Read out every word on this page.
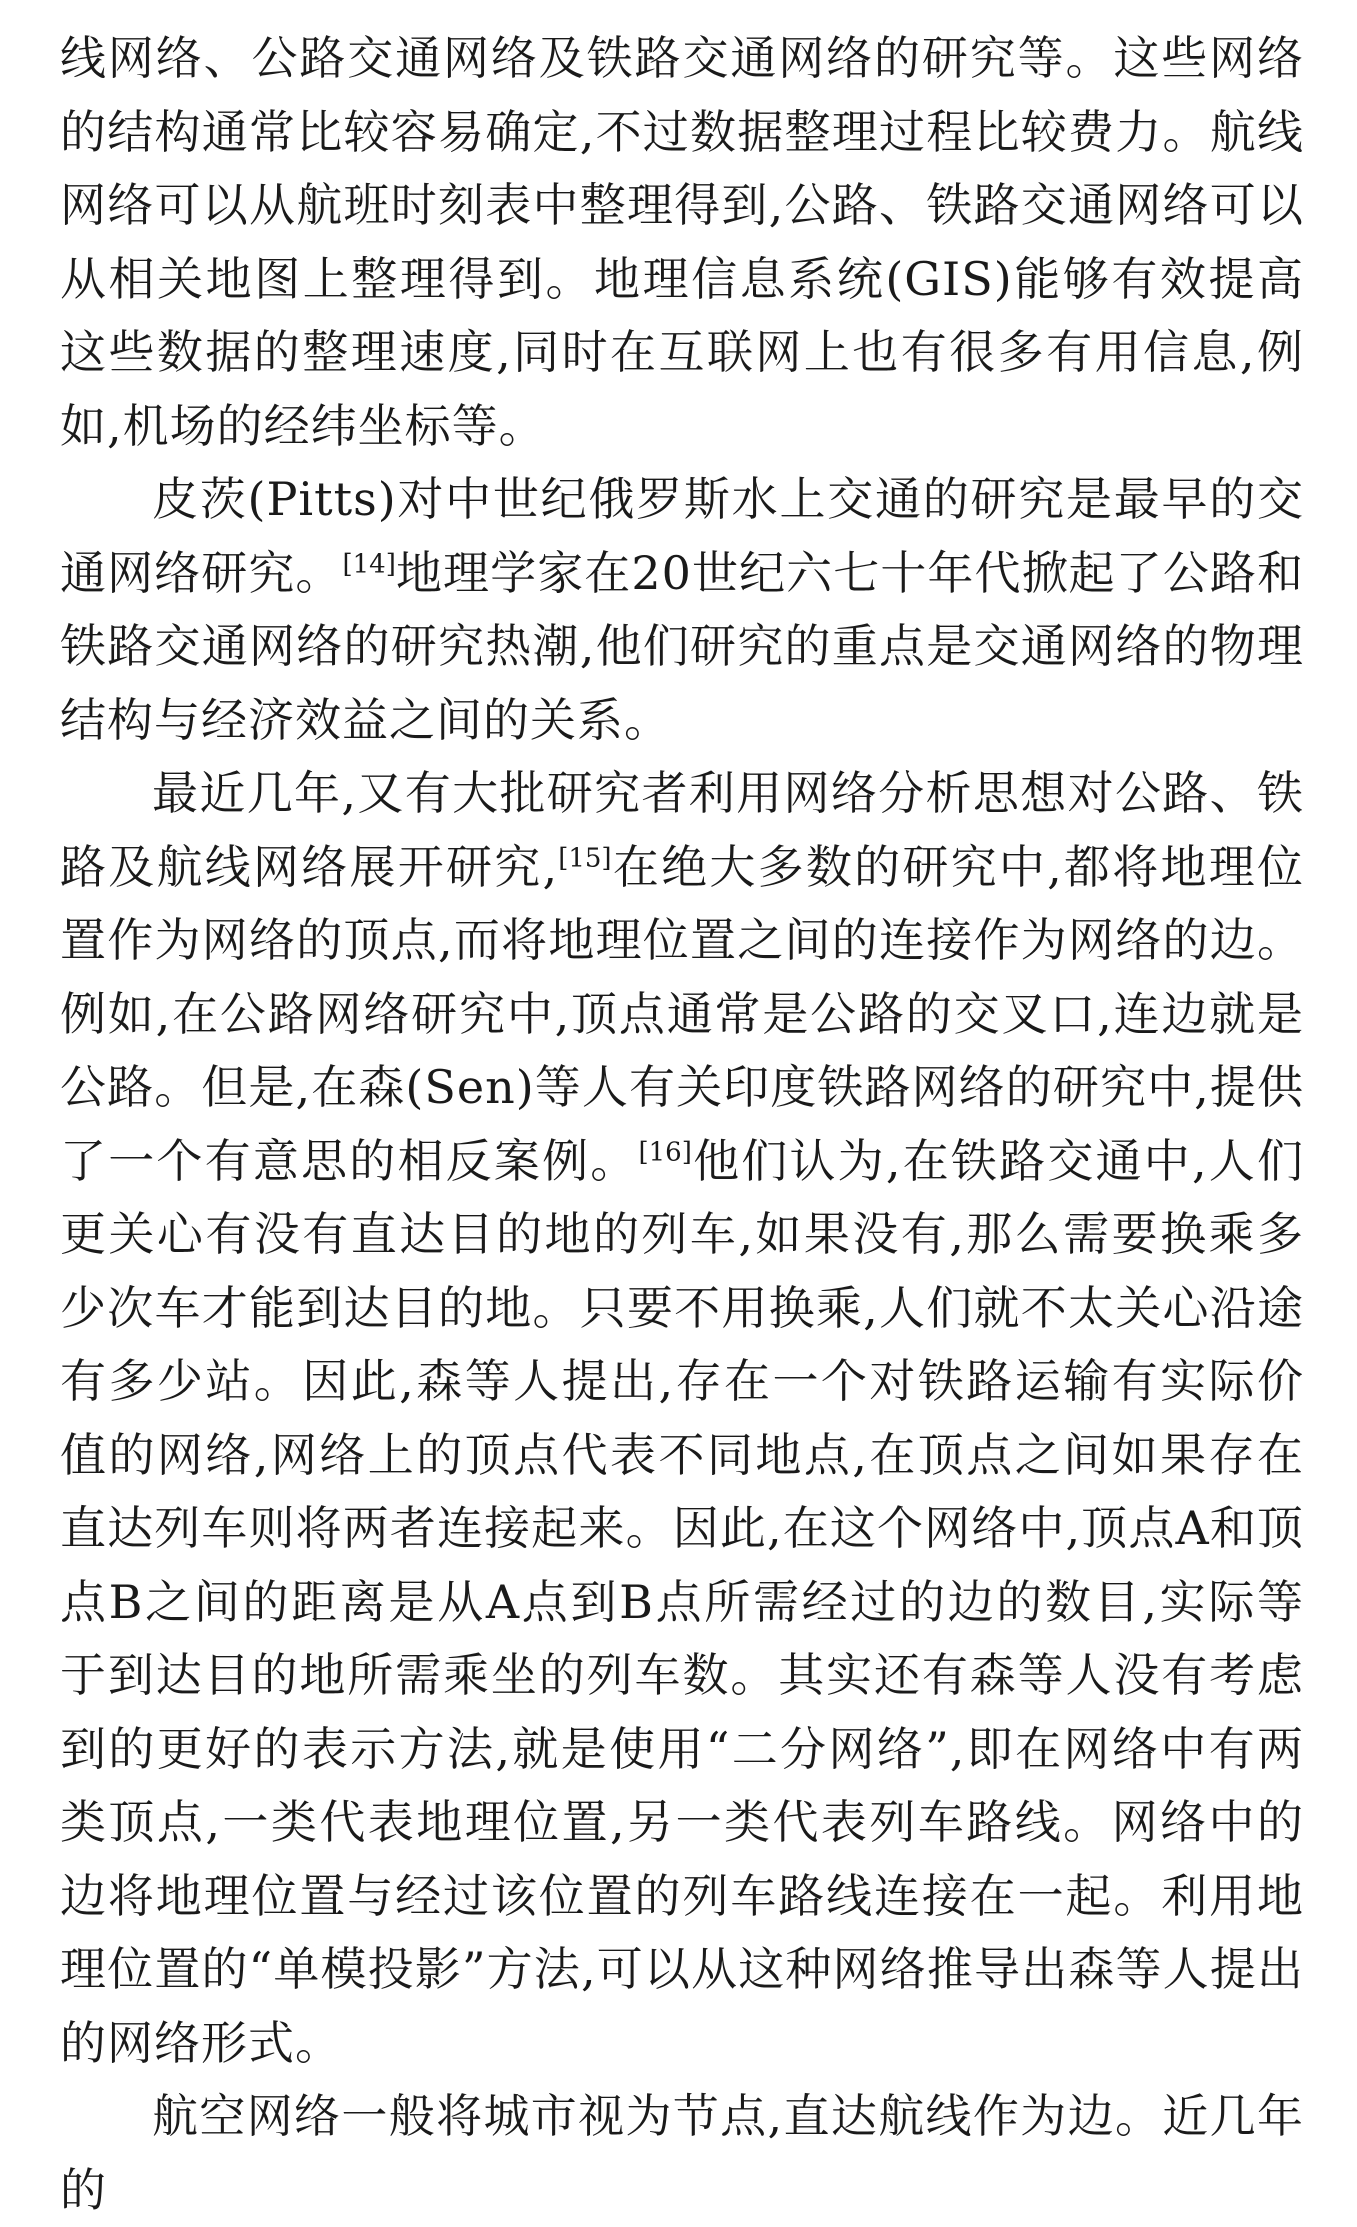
线网络、公路交通网络及铁路交通网络的研究等。这些网络的结构通常比较容易确定,不过数据整理过程比较费力。航线网络可以从航班时刻表中整理得到,公路、铁路交通网络可以从相关地图上整理得到。地理信息系统(GIS)能够有效提高这些数据的整理速度,同时在互联网上也有很多有用信息,例如,机场的经纬坐标等。

皮茨(Pitts)对中世纪俄罗斯水上交通的研究是最早的交通网络研究。[14]地理学家在20世纪六七十年代掀起了公路和铁路交通网络的研究热潮,他们研究的重点是交通网络的物理结构与经济效益之间的关系。

最近几年,又有大批研究者利用网络分析思想对公路、铁路及航线网络展开研究,[15]在绝大多数的研究中,都将地理位置作为网络的顶点,而将地理位置之间的连接作为网络的边。例如,在公路网络研究中,顶点通常是公路的交叉口,连边就是公路。但是,在森(Sen)等人有关印度铁路网络的研究中,提供了一个有意思的相反案例。[16]他们认为,在铁路交通中,人们更关心有没有直达目的地的列车,如果没有,那么需要换乘多少次车才能到达目的地。只要不用换乘,人们就不太关心沿途有多少站。因此,森等人提出,存在一个对铁路运输有实际价值的网络,网络上的顶点代表不同地点,在顶点之间如果存在直达列车则将两者连接起来。因此,在这个网络中,顶点A和顶点B之间的距离是从A点到B点所需经过的边的数目,实际等于到达目的地所需乘坐的列车数。其实还有森等人没有考虑到的更好的表示方法,就是使用“二分网络”,即在网络中有两类顶点,一类代表地理位置,另一类代表列车路线。网络中的边将地理位置与经过该位置的列车路线连接在一起。利用地理位置的“单模投影”方法,可以从这种网络推导出森等人提出的网络形式。

航空网络一般将城市视为节点,直达航线作为边。近几年的
